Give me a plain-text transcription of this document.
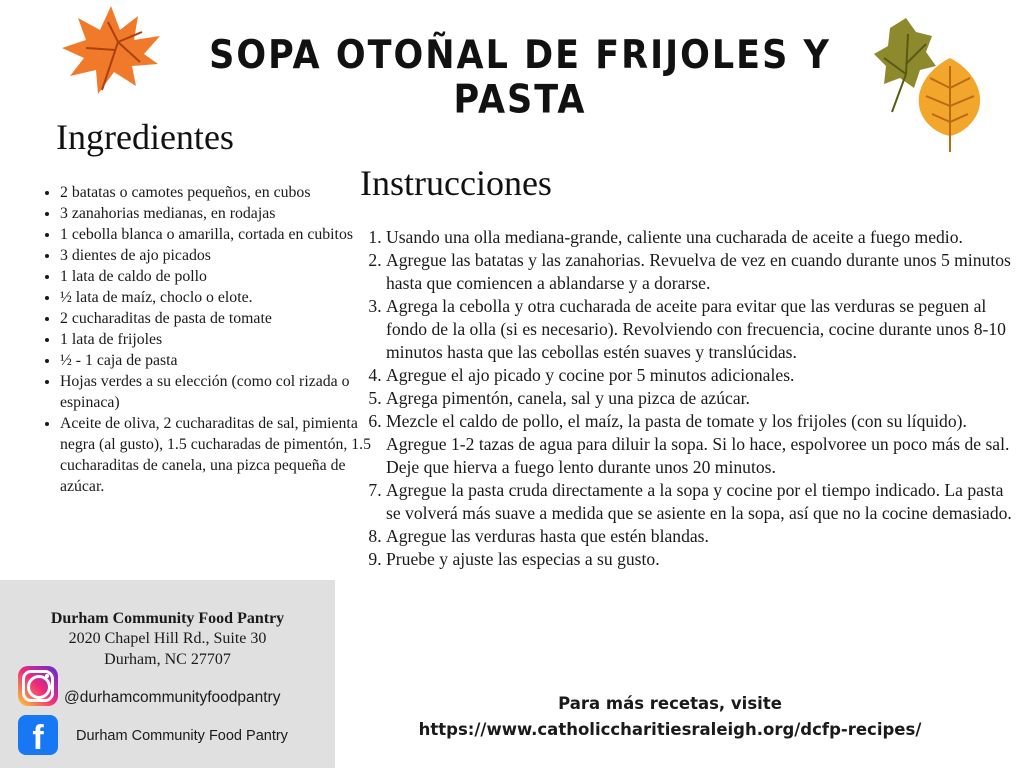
SOPA OTOÑAL DE FRIJOLES Y PASTA
Ingredientes
• 2 batatas o camotes pequeños, en cubos
• 3 zanahorias medianas, en rodajas
• 1 cebolla blanca o amarilla, cortada en cubitos
• 3 dientes de ajo picados
• 1 lata de caldo de pollo
• ½ lata de maíz, choclo o elote.
• 2 cucharaditas de pasta de tomate
• 1 lata de frijoles
• ½ - 1 caja de pasta
• Hojas verdes a su elección (como col rizada o espinaca)
• Aceite de oliva, 2 cucharaditas de sal, pimienta negra (al gusto), 1.5 cucharadas de pimentón, 1.5 cucharaditas de canela, una pizca pequeña de azúcar.
Instrucciones
1. Usando una olla mediana-grande, caliente una cucharada de aceite a fuego medio.
2. Agregue las batatas y las zanahorias. Revuelva de vez en cuando durante unos 5 minutos hasta que comiencen a ablandarse y a dorarse.
3. Agrega la cebolla y otra cucharada de aceite para evitar que las verduras se peguen al fondo de la olla (si es necesario). Revolviendo con frecuencia, cocine durante unos 8-10 minutos hasta que las cebollas estén suaves y translúcidas.
4. Agregue el ajo picado y cocine por 5 minutos adicionales.
5. Agrega pimentón, canela, sal y una pizca de azúcar.
6. Mezcle el caldo de pollo, el maíz, la pasta de tomate y los frijoles (con su líquido). Agregue 1-2 tazas de agua para diluir la sopa. Si lo hace, espolvoree un poco más de sal. Deje que hierva a fuego lento durante unos 20 minutos.
7. Agregue la pasta cruda directamente a la sopa y cocine por el tiempo indicado. La pasta se volverá más suave a medida que se asiente en la sopa, así que no la cocine demasiado.
8. Agregue las verduras hasta que estén blandas.
9. Pruebe y ajuste las especias a su gusto.
Durham Community Food Pantry
2020 Chapel Hill Rd., Suite 30
Durham, NC 27707
@durhamcommunityfoodpantry
f	Durham Community Food Pantry
Para más recetas, visite
https://www.catholiccharitiesraleigh.org/dcfp-recipes/
